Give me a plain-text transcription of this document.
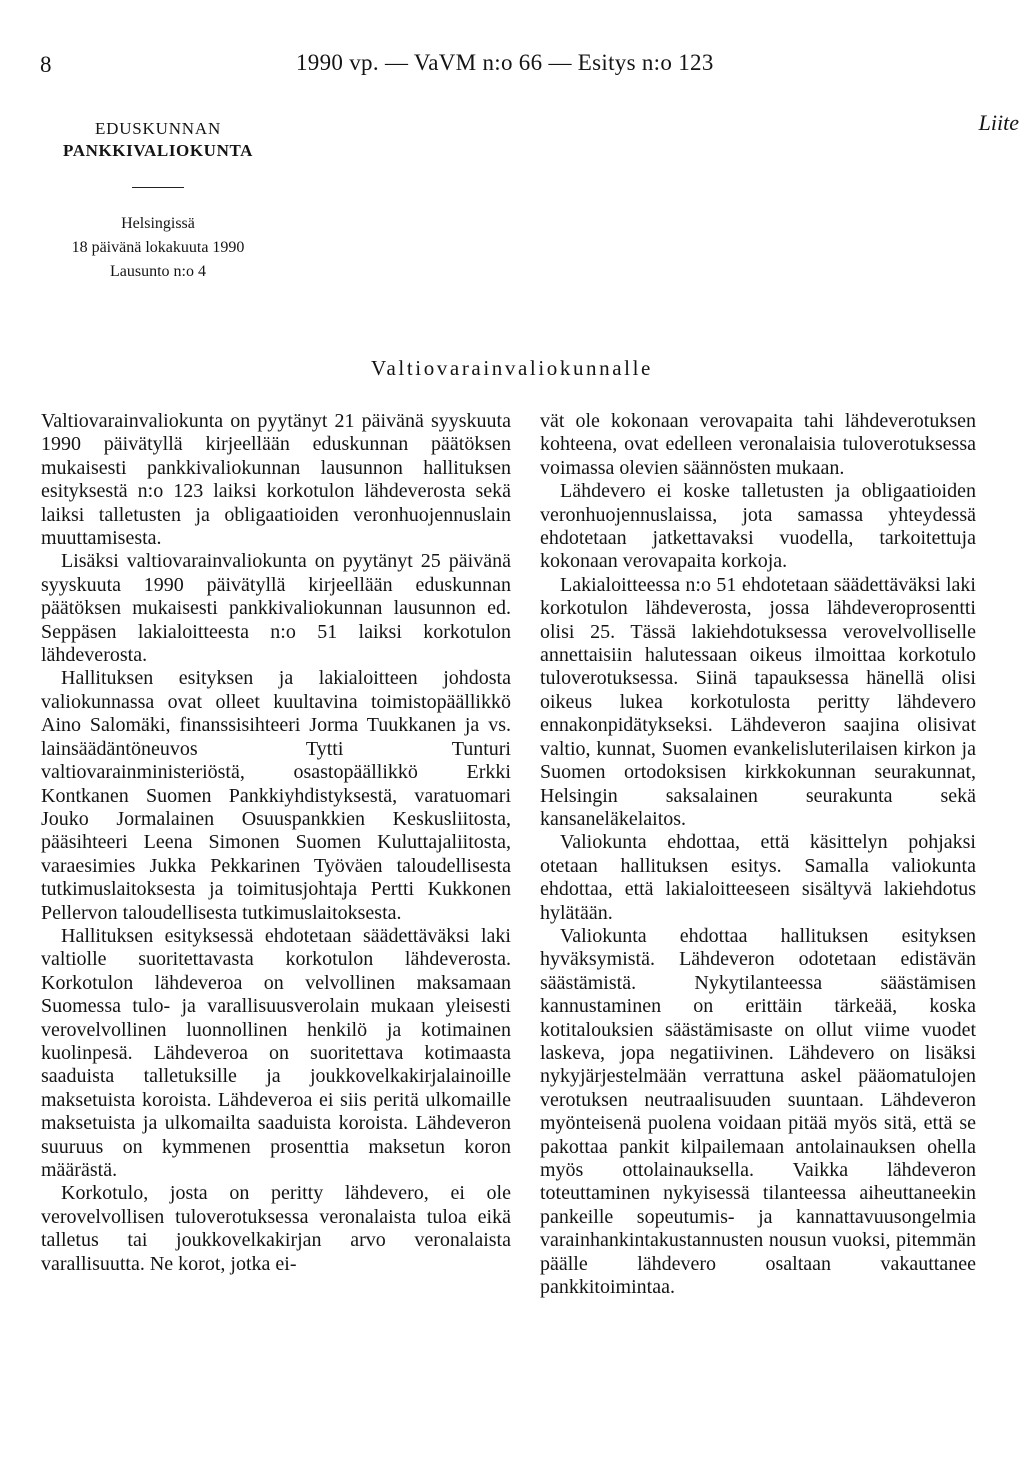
8	1990 vp. — VaVM n:o 66 — Esitys n:o 123
Liite
EDUSKUNNAN
PANKKIVALIOKUNTA
Helsingissä
18 päivänä lokakuuta 1990
Lausunto n:o 4
Valtiovarainvaliokunnalle

Valtiovarainvaliokunta on pyytänyt 21 päivänä syyskuuta 1990 päivätyllä kirjeellään eduskunnan päätöksen mukaisesti pankkivaliokunnan lausunnon hallituksen esityksestä n:o 123 laiksi korkotulon lähdeverosta sekä laiksi talletusten ja obligaatioiden veronhuojennuslain muuttamisesta.

Lisäksi valtiovarainvaliokunta on pyytänyt 25 päivänä syyskuuta 1990 päivätyllä kirjeellään eduskunnan päätöksen mukaisesti pankkivaliokunnan lausunnon ed. Seppäsen lakialoitteesta n:o 51 laiksi korkotulon lähdeverosta.

Hallituksen esityksen ja lakialoitteen johdosta valiokunnassa ovat olleet kuultavina toimistopäällikkö Aino Salomäki, finanssisihteeri Jorma Tuukkanen ja vs. lainsäädäntöneuvos Tytti Tunturi valtiovarainministeriöstä, osastopäällikkö Erkki Kontkanen Suomen Pankkiyhdistyksestä, varatuomari Jouko Jormalainen Osuuspankkien Keskusliitosta, pääsihteeri Leena Simonen Suomen Kuluttajaliitosta, varaesimies Jukka Pekkarinen Työväen taloudellisesta tutkimuslaitoksesta ja toimitusjohtaja Pertti Kukkonen Pellervon taloudellisesta tutkimuslaitoksesta.

Hallituksen esityksessä ehdotetaan säädettäväksi laki valtiolle suoritettavasta korkotulon lähdeverosta. Korkotulon lähdeveroa on velvollinen maksamaan Suomessa tulo- ja varallisuusverolain mukaan yleisesti verovelvollinen luonnollinen henkilö ja kotimainen kuolinpesä. Lähdeveroa on suoritettava kotimaasta saaduista talletuksille ja joukkovelkakirjalainoille maksetuista koroista. Lähdeveroa ei siis peritä ulkomaille maksetuista ja ulkomailta saaduista koroista. Lähdeveron suuruus on kymmenen prosenttia maksetun koron määrästä.

Korkotulo, josta on peritty lähdevero, ei ole verovelvollisen tuloverotuksessa veronalaista tuloa eikä talletus tai joukkovelkakirjan arvo veronalaista varallisuutta. Ne korot, jotka ei-

vät ole kokonaan verovapaita tahi lähdeverotuksen kohteena, ovat edelleen veronalaisia tuloverotuksessa voimassa olevien säännösten mukaan.

Lähdevero ei koske talletusten ja obligaatioiden veronhuojennuslaissa, jota samassa yhteydessä ehdotetaan jatkettavaksi vuodella, tarkoitettuja kokonaan verovapaita korkoja.

Lakialoitteessa n:o 51 ehdotetaan säädettäväksi laki korkotulon lähdeverosta, jossa lähdeveroprosentti olisi 25. Tässä lakiehdotuksessa verovelvolliselle annettaisiin halutessaan oikeus ilmoittaa korkotulo tuloverotuksessa. Siinä tapauksessa hänellä olisi oikeus lukea korkotulosta peritty lähdevero ennakonpidätykseksi. Lähdeveron saajina olisivat valtio, kunnat, Suomen evankelisluterilaisen kirkon ja Suomen ortodoksisen kirkkokunnan seurakunnat, Helsingin saksalainen seurakunta sekä kansaneläkelaitos.

Valiokunta ehdottaa, että käsittelyn pohjaksi otetaan hallituksen esitys. Samalla valiokunta ehdottaa, että lakialoitteeseen sisältyvä lakiehdotus hylätään.

Valiokunta ehdottaa hallituksen esityksen hyväksymistä. Lähdeveron odotetaan edistävän säästämistä. Nykytilanteessa säästämisen kannustaminen on erittäin tärkeää, koska kotitalouksien säästämisaste on ollut viime vuodet laskeva, jopa negatiivinen. Lähdevero on lisäksi nykyjärjestelmään verrattuna askel pääomatulojen verotuksen neutraalisuuden suuntaan. Lähdeveron myönteisenä puolena voidaan pitää myös sitä, että se pakottaa pankit kilpailemaan antolainauksen ohella myös ottolainauksella. Vaikka lähdeveron toteuttaminen nykyisessä tilanteessa aiheuttaneekin pankeille sopeutumis- ja kannattavuusongelmia varainhankintakustannusten nousun vuoksi, pitemmän päälle lähdevero osaltaan vakauttanee pankkitoimintaa.
